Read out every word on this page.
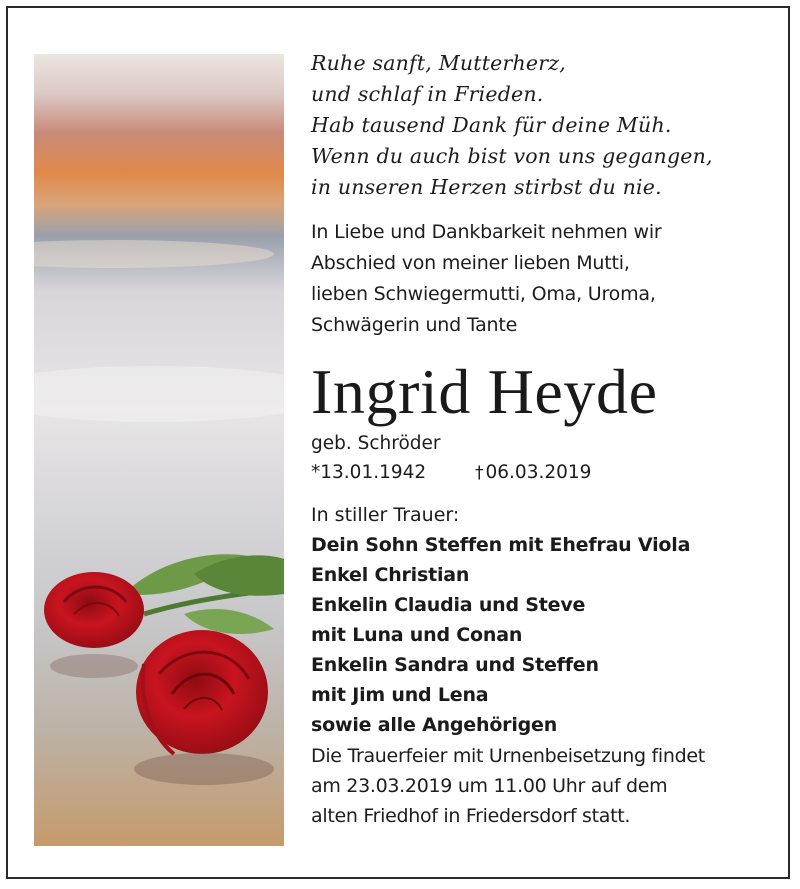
Ruhe sanft, Mutterherz,
und schlaf in Frieden.
Hab tausend Dank für deine Müh.
Wenn du auch bist von uns gegangen,
in unseren Herzen stirbst du nie.
In Liebe und Dankbarkeit nehmen wir
Abschied von meiner lieben Mutti,
lieben Schwiegermutti, Oma, Uroma,
Schwägerin und Tante
Ingrid Heyde
geb. Schröder
*13.01.1942	† 06.03.2019
In stiller Trauer:
Dein Sohn Steffen mit Ehefrau Viola
Enkel Christian
Enkelin Claudia und Steve
mit Luna und Conan
Enkelin Sandra und Steffen
mit Jim und Lena
sowie alle Angehörigen
Die Trauerfeier mit Urnenbeisetzung findet
am 23.03.2019 um 11.00 Uhr auf dem
alten Friedhof in Friedersdorf statt.
